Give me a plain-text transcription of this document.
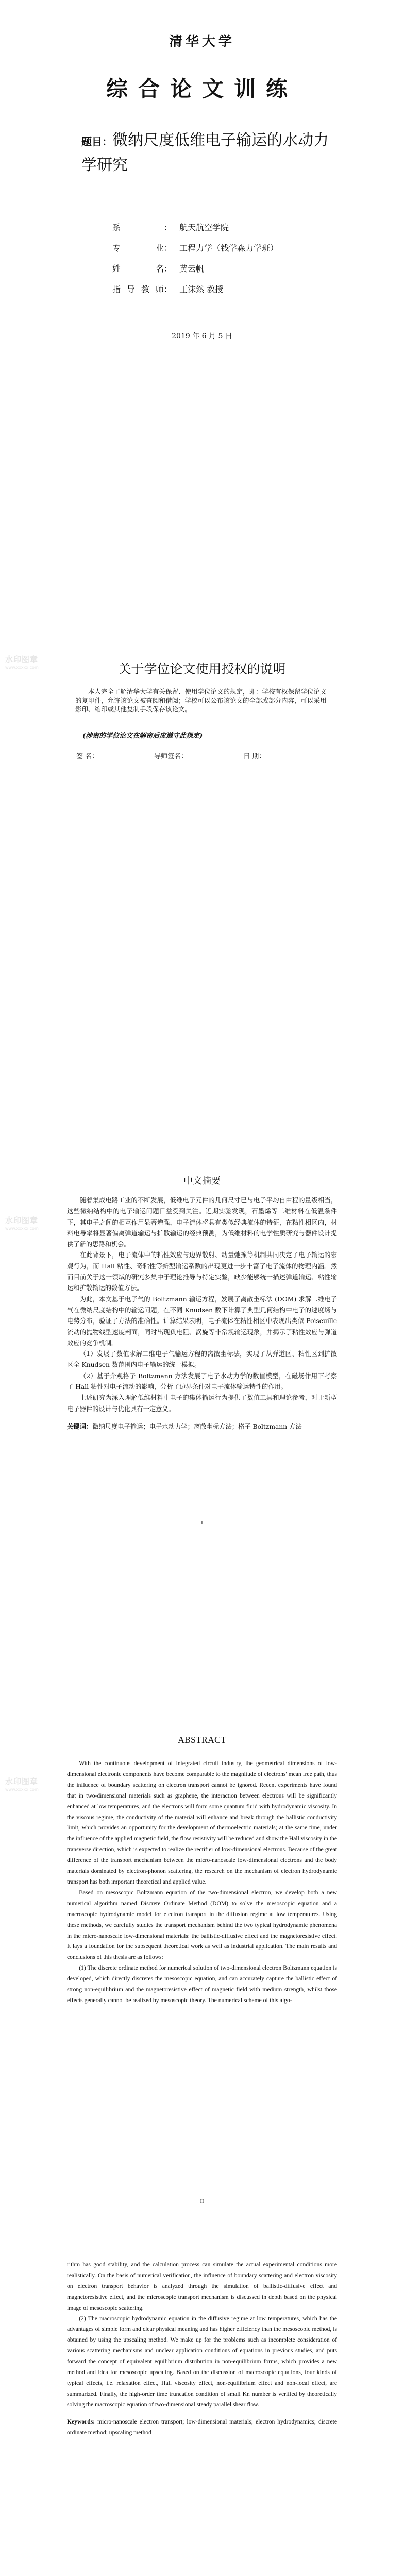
清华大学
综合论文训练
题目：微纳尺度低维电子输运的水动力学研究
系	： 航天航空学院
专业 ： 工程力学（钱学森力学班）
姓名 ： 黄云帆
指导教师 ： 王沫然 教授
2019 年 6 月 5 日
水印图章
www.xxxxx.com	关于学位论文使用授权的说明
本人完全了解清华大学有关保留、使用学位论文的规定，即：学校有权保留学位论文的复印件，允许该论文被查阅和借阅；学校可以公布该论文的全部或部分内容，可以采用影印、缩印或其他复制手段保存该论文。
(涉密的学位论文在解密后应遵守此规定)
签 名：	导师签名：	日 期：
水印图章
www.xxxxx.com
中文摘要

随着集成电路工业的不断发展，低维电子元件的几何尺寸已与电子平均自由程的量级相当，这些微纳结构中的电子输运问题日益受到关注。近期实验发现，石墨烯等二维材料在低温条件下，其电子之间的相互作用显著增强，电子流体将具有类似经典流体的特征，在粘性相区内，材料电导率将显著偏离弹道输运与扩散输运的经典预测，为低维材料的电学性质研究与器件设计提供了新的思路和机会。

在此背景下，电子流体中的粘性效应与边界散射、动量弛豫等机制共同决定了电子输运的宏观行为，而 Hall 粘性、奇粘性等新型输运系数的出现更进一步丰富了电子流体的物理内涵。然而目前关于这一领域的研究多集中于理论推导与特定实验，缺少能够统一描述弹道输运、粘性输运和扩散输运的数值方法。

为此，本文基于电子气的 Boltzmann 输运方程，发展了离散坐标法 (DOM) 求解二维电子气在微纳尺度结构中的输运问题，在不同 Knudsen 数下计算了典型几何结构中电子的速度场与电势分布，验证了方法的准确性。计算结果表明，电子流体在粘性相区中表现出类似 Poiseuille 流动的抛物线型速度剖面，同时出现负电阻、涡旋等非常规输运现象，并揭示了粘性效应与弹道效应的竞争机制。

（1）发展了数值求解二维电子气输运方程的离散坐标法，实现了从弹道区、粘性区到扩散区全 Knudsen 数范围内电子输运的统一模拟。

（2）基于介观格子 Boltzmann 方法发展了电子水动力学的数值模型，在磁场作用下考察了 Hall 粘性对电子流动的影响，分析了边界条件对电子流体输运特性的作用。

上述研究为深入理解低维材料中电子的集体输运行为提供了数值工具和理论参考，对于新型电子器件的设计与优化具有一定意义。

关键词：微纳尺度电子输运；电子水动力学；离散坐标方法；格子 Boltzmann 方法
I
水印图章
www.xxxxx.com
ABSTRACT

With the continuous development of integrated circuit industry, the geometrical dimensions of low-dimensional electronic components have become comparable to the magnitude of electrons' mean free path, thus the influence of boundary scattering on electron transport cannot be ignored. Recent experiments have found that in two-dimensional materials such as graphene, the interaction between electrons will be significantly enhanced at low temperatures, and the electrons will form some quantum fluid with hydrodynamic viscosity. In the viscous regime, the conductivity of the material will enhance and break through the ballistic conductivity limit, which provides an opportunity for the development of thermoelectric materials; at the same time, under the influence of the applied magnetic field, the flow resistivity will be reduced and show the Hall viscosity in the transverse direction, which is expected to realize the rectifier of low-dimensional electrons. Because of the great difference of the transport mechanism between the micro-nanoscale low-dimensional electrons and the body materials dominated by electron-phonon scattering, the research on the mechanism of electron hydrodynamic transport has both important theoretical and applied value.

Based on mesoscopic Boltzmann equation of the two-dimensional electron, we develop both a new numerical algorithm named Discrete Ordinate Method (DOM) to solve the mesoscopic equation and a macroscopic hydrodynamic model for electron transport in the diffusion regime at low temperatures. Using these methods, we carefully studies the transport mechanism behind the two typical hydrodynamic phenomena in the micro-nanoscale low-dimensional materials: the ballistic-diffusive effect and the magnetoresistive effect. It lays a foundation for the subsequent theoretical work as well as industrial application. The main results and conclusions of this thesis are as follows:

(1) The discrete ordinate method for numerical solution of two-dimensional electron Boltzmann equation is developed, which directly discretes the mesoscopic equation, and can accurately capture the ballistic effect of strong non-equilibrium and the magnetoresistive effect of magnetic field with medium strength, whilst those effects generally cannot be realized by mesoscopic theory. The numerical scheme of this algo-

II

rithm has good stability, and the calculation process can simulate the actual experimental conditions more realistically. On the basis of numerical verification, the influence of boundary scattering and electron viscosity on electron transport behavior is analyzed through the simulation of ballistic-diffusive effect and magnetoresistive effect, and the microscopic transport mechanism is discussed in depth based on the physical image of mesoscopic scattering.

(2) The macroscopic hydrodynamic equation in the diffusive regime at low temperatures, which has the advantages of simple form and clear physical meaning and has higher efficiency than the mesoscopic method, is obtained by using the upscaling method. We make up for the problems such as incomplete consideration of various scattering mechanisms and unclear application conditions of equations in previous studies, and puts forward the concept of equivalent equilibrium distribution in non-equilibrium forms, which provides a new method and idea for mesoscopic upscaling. Based on the discussion of macroscopic equations, four kinds of typical effects, i.e. relaxation effect, Hall viscosity effect, non-equilibrium effect and non-local effect, are summarized. Finally, the high-order time truncation condition of small Kn number is verified by theoretically solving the macroscopic equation of two-dimensional steady parallel shear flow.

Keywords: micro-nanoscale electron transport; low-dimensional materials; electron hydrodynamics; discrete ordinate method; upscaling method
